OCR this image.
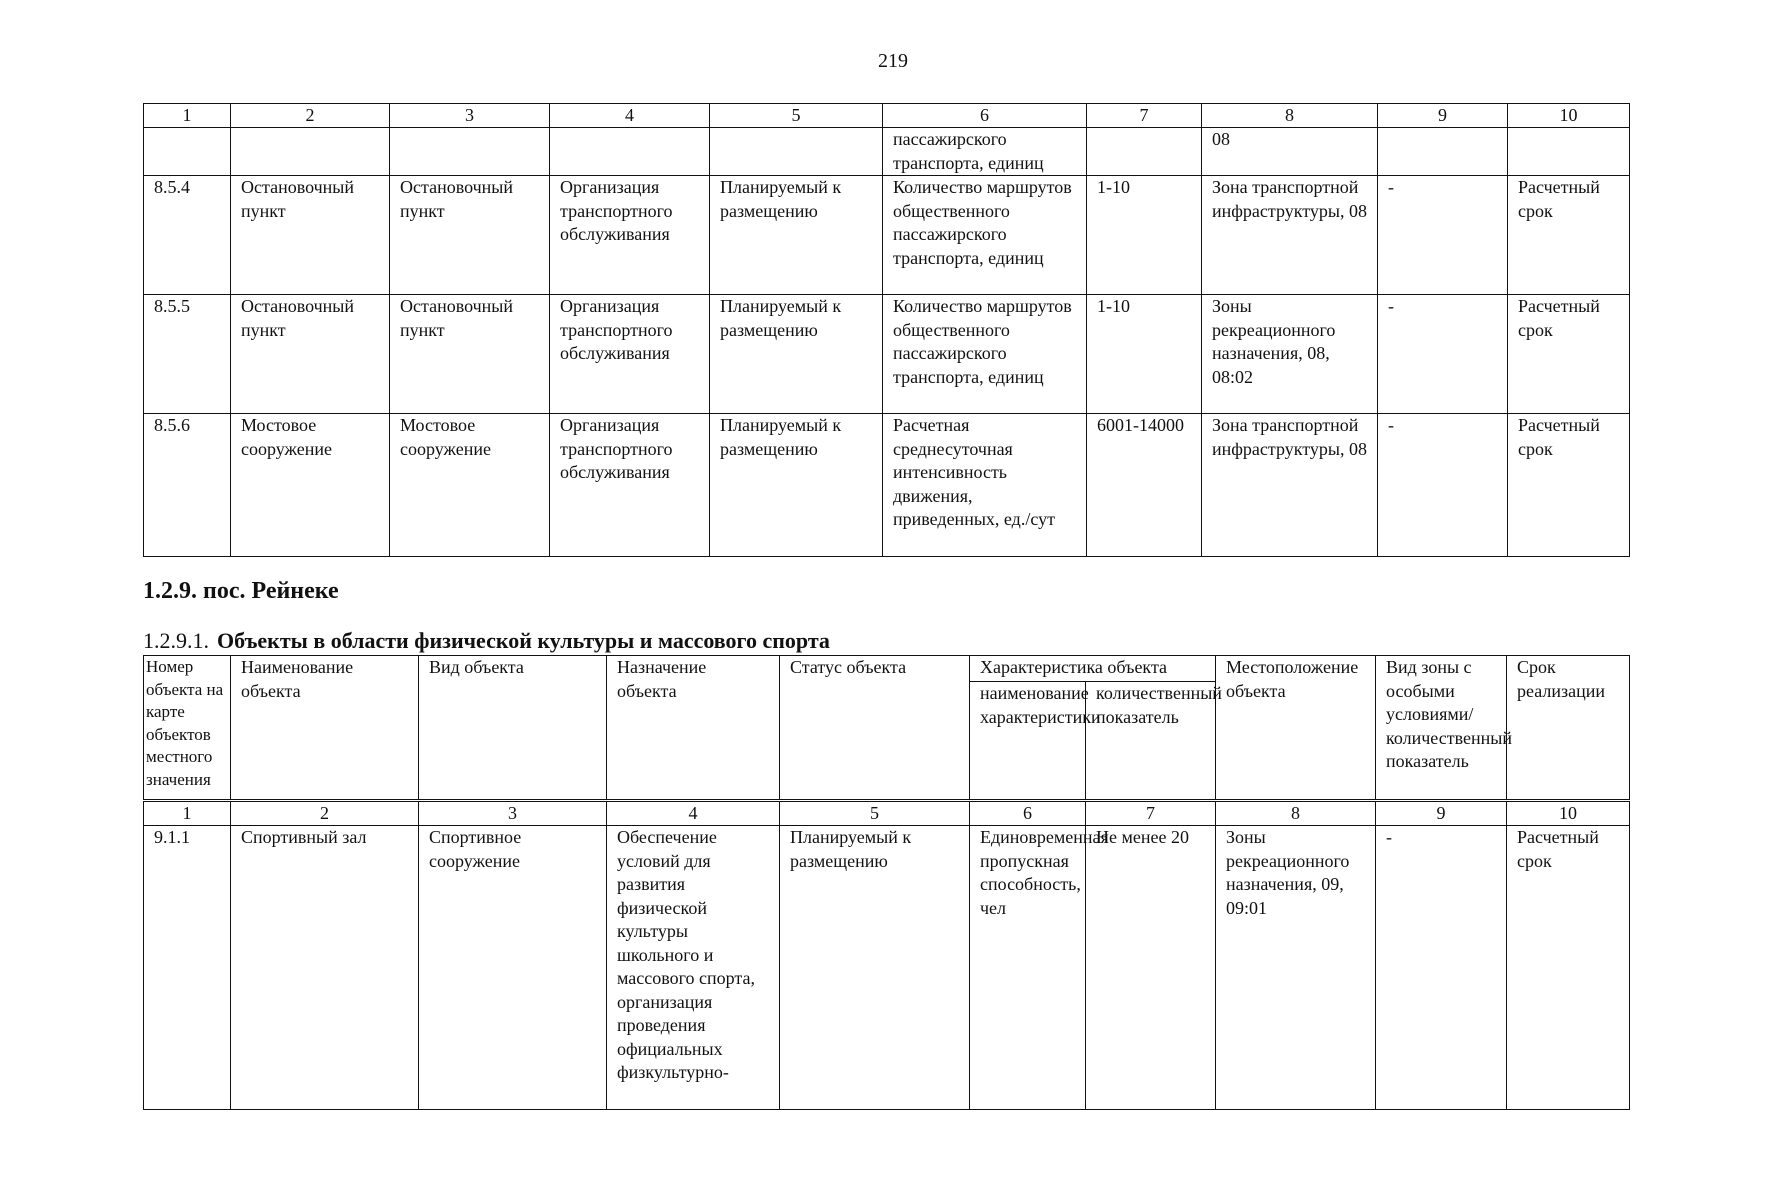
219
1	2	3	4	5	6	7	8	9	10
					пассажирского транспорта, единиц		08		
8.5.4	Остановочный пункт	Остановочный пункт	Организация транспортного обслуживания	Планируемый к размещению	Количество маршрутов общественного пассажирского транспорта, единиц	1-10	Зона транспортной инфраструктуры, 08	-	Расчетный срок
8.5.5	Остановочный пункт	Остановочный пункт	Организация транспортного обслуживания	Планируемый к размещению	Количество маршрутов общественного пассажирского транспорта, единиц	1-10	Зоны рекреационного назначения, 08, 08:02	-	Расчетный срок
8.5.6	Мостовое сооружение	Мостовое сооружение	Организация транспортного обслуживания	Планируемый к размещению	Расчетная среднесуточная интенсивность движения, приведенных, ед./сут	6001-14000	Зона транспортной инфраструктуры, 08	-	Расчетный срок
1.2.9. пос. Рейнеке
1.2.9.1. Объекты в области физической культуры и массового спорта
Номер объекта на карте объектов местного значения	Наименование объекта	Вид объекта	Назначение объекта	Статус объекта	Характеристика объекта		Местоположение объекта	Вид зоны с особыми условиями/ количественный показатель	Срок реализации
					наименование характеристики	количественный показатель			
1	2	3	4	5	6	7	8	9	10
9.1.1	Спортивный зал	Спортивное сооружение	Обеспечение условий для развития физической культуры школьного и массового спорта, организация проведения официальных физкультурно-	Планируемый к размещению	Единовременная пропускная способность, чел	Не менее 20	Зоны рекреационного назначения, 09, 09:01	-	Расчетный срок
